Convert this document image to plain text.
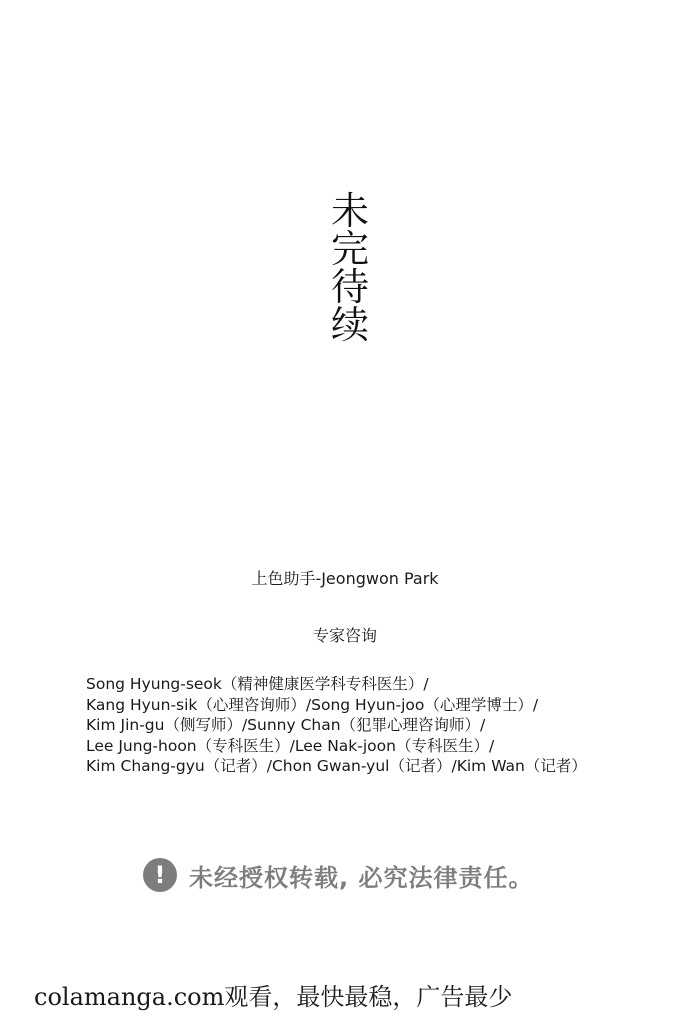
未
完
待
续
上色助手-Jeongwon Park
专家咨询
Song Hyung-seok（精神健康医学科专科医生）/
Kang Hyun-sik（心理咨询师）/Song Hyun-joo（心理学博士）/
Kim Jin-gu（侧写师）/Sunny Chan（犯罪心理咨询师）/
Lee Jung-hoon（专科医生）/Lee Nak-joon（专科医生）/
Kim Chang-gyu（记者）/Chon Gwan-yul（记者）/Kim Wan（记者）
! 未经授权转载, 必究法律责任。
colamanga.com观看，最快最稳，广告最少
